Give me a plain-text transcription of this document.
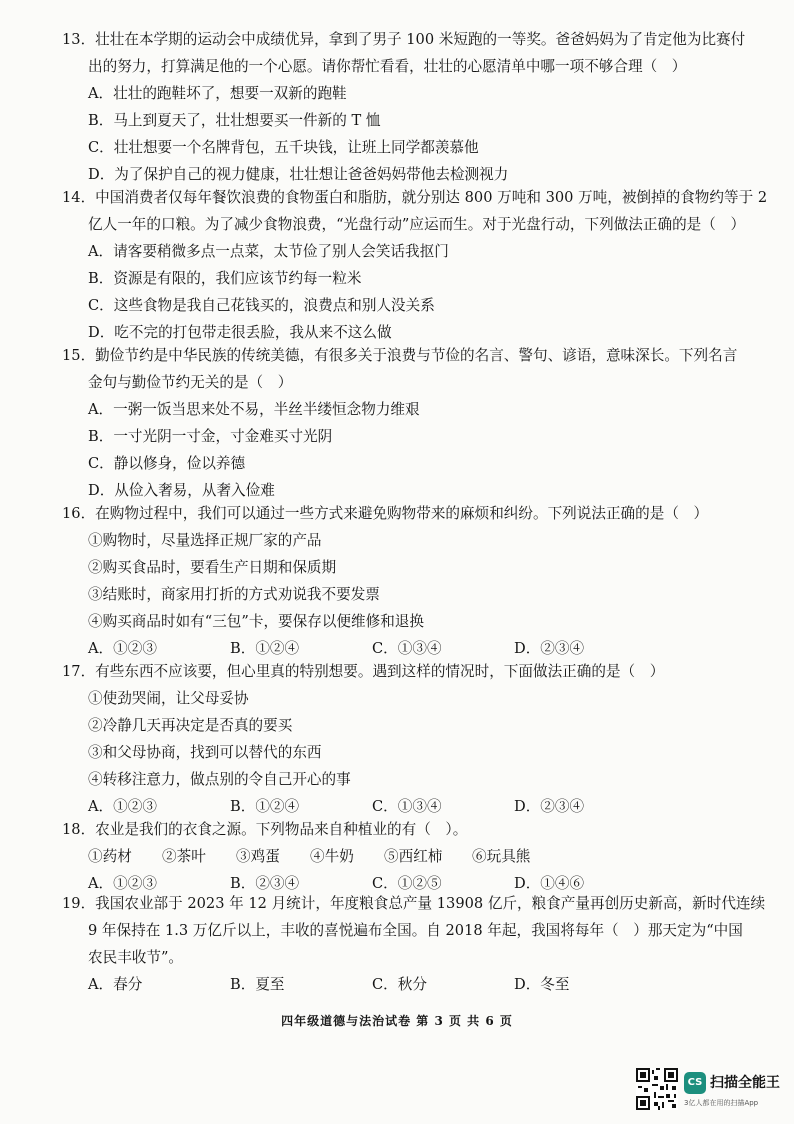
13．壮壮在本学期的运动会中成绩优异，拿到了男子 100 米短跑的一等奖。爸爸妈妈为了肯定他为比赛付
出的努力，打算满足他的一个心愿。请你帮忙看看，壮壮的心愿清单中哪一项不够合理（　）
A．壮壮的跑鞋坏了，想要一双新的跑鞋
B．马上到夏天了，壮壮想要买一件新的 T 恤
C．壮壮想要一个名牌背包，五千块钱，让班上同学都羡慕他
D．为了保护自己的视力健康，壮壮想让爸爸妈妈带他去检测视力
14．中国消费者仅每年餐饮浪费的食物蛋白和脂肪，就分别达 800 万吨和 300 万吨，被倒掉的食物约等于 2
亿人一年的口粮。为了减少食物浪费，“光盘行动”应运而生。对于光盘行动，下列做法正确的是（　）
A．请客要稍微多点一点菜，太节俭了别人会笑话我抠门
B．资源是有限的，我们应该节约每一粒米
C．这些食物是我自己花钱买的，浪费点和别人没关系
D．吃不完的打包带走很丢脸，我从来不这么做
15．勤俭节约是中华民族的传统美德，有很多关于浪费与节俭的名言、警句、谚语，意味深长。下列名言
金句与勤俭节约无关的是（　）
A．一粥一饭当思来处不易，半丝半缕恒念物力维艰
B．一寸光阴一寸金，寸金难买寸光阴
C．静以修身，俭以养德
D．从俭入奢易，从奢入俭难
16．在购物过程中，我们可以通过一些方式来避免购物带来的麻烦和纠纷。下列说法正确的是（　）
①购物时，尽量选择正规厂家的产品
②购买食品时，要看生产日期和保质期
③结账时，商家用打折的方式劝说我不要发票
④购买商品时如有“三包”卡，要保存以便维修和退换
A．①②③	B．①②④	C．①③④	D．②③④
17．有些东西不应该要，但心里真的特别想要。遇到这样的情况时，下面做法正确的是（　）
①使劲哭闹，让父母妥协
②冷静几天再决定是否真的要买
③和父母协商，找到可以替代的东西
④转移注意力，做点别的令自己开心的事
A．①②③	B．①②④	C．①③④	D．②③④
18．农业是我们的衣食之源。下列物品来自种植业的有（　）。
①药材 ②茶叶 ③鸡蛋 ④牛奶 ⑤西红柿 ⑥玩具熊
A．①②③	B．②③④	C．①②⑤	D．①④⑥
19．我国农业部于 2023 年 12 月统计，年度粮食总产量 13908 亿斤，粮食产量再创历史新高，新时代连续
9 年保持在 1.3 万亿斤以上，丰收的喜悦遍布全国。自 2018 年起，我国将每年（　）那天定为“中国
农民丰收节”。
A．春分	B．夏至	C．秋分	D．冬至
四年级道德与法治试卷 第 3 页 共 6 页
CS 扫描全能王
3亿人都在用的扫描App
